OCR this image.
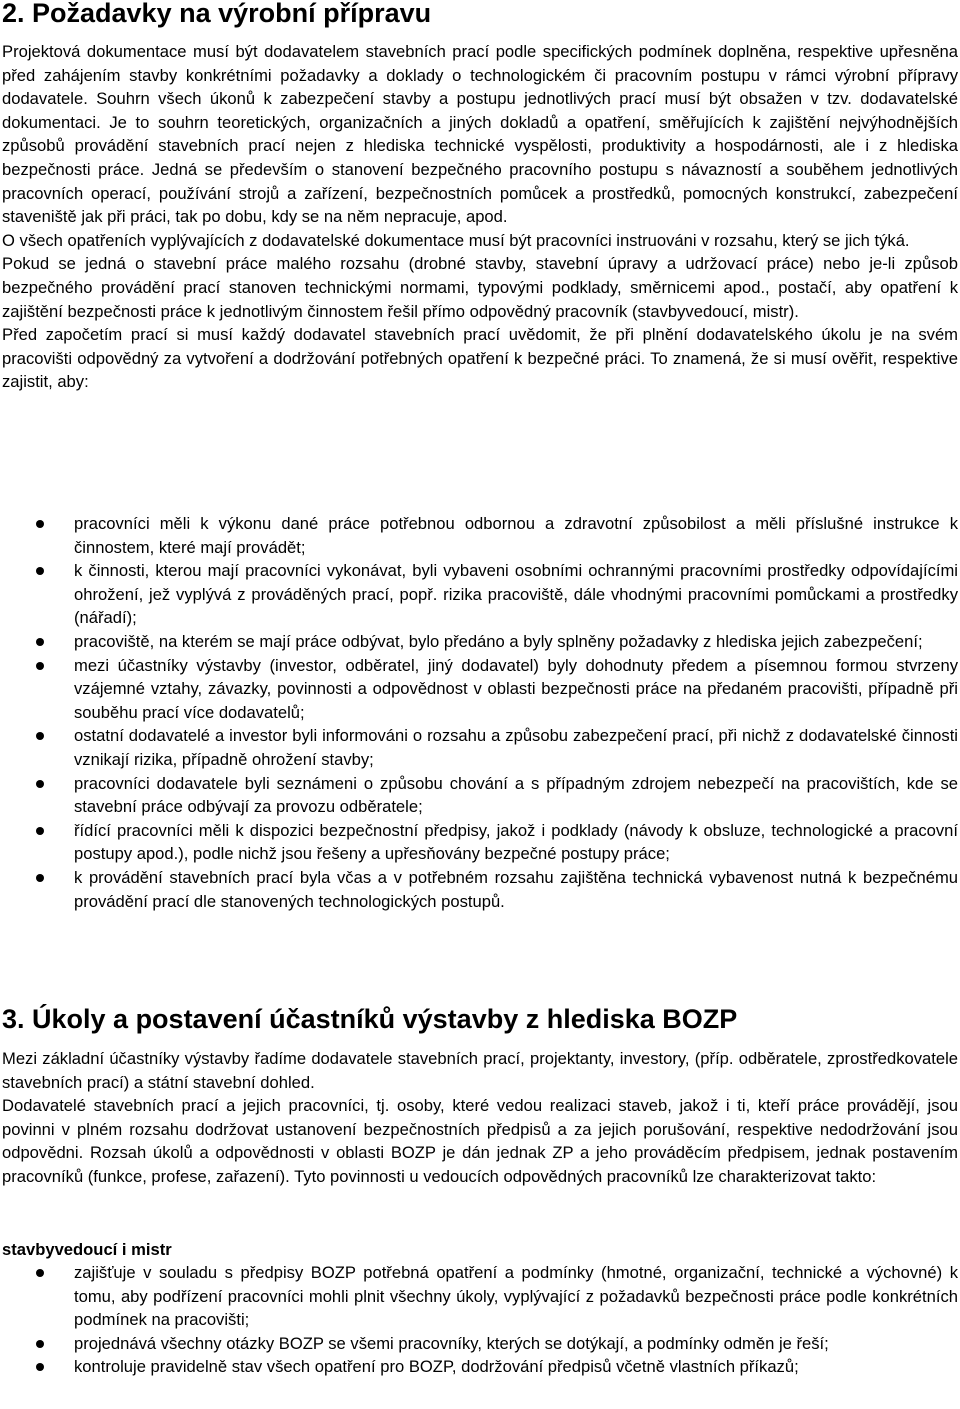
2. Požadavky na výrobní přípravu

Projektová dokumentace musí být dodavatelem stavebních prací podle specifických podmínek doplněna, respektive upřesněna před zahájením stavby konkrétními požadavky a doklady o technologickém či pracovním postupu v rámci výrobní přípravy dodavatele. Souhrn všech úkonů k zabezpečení stavby a postupu jednotlivých prací musí být obsažen v tzv. dodavatelské dokumentaci. Je to souhrn teoretických, organizačních a jiných dokladů a opatření, směřujících k zajištění nejvýhodnějších způsobů provádění stavebních prací nejen z hlediska technické vyspělosti, produktivity a hospodárnosti, ale i z hlediska bezpečnosti práce. Jedná se především o stanovení bezpečného pracovního postupu s návazností a souběhem jednotlivých pracovních operací, používání strojů a zařízení, bezpečnostních pomůcek a prostředků, pomocných konstrukcí, zabezpečení staveniště jak při práci, tak po dobu, kdy se na něm nepracuje, apod.

O všech opatřeních vyplývajících z dodavatelské dokumentace musí být pracovníci instruováni v rozsahu, který se jich týká.

Pokud se jedná o stavební práce malého rozsahu (drobné stavby, stavební úpravy a udržovací práce) nebo je-li způsob bezpečného provádění prací stanoven technickými normami, typovými podklady, směrnicemi apod., postačí, aby opatření k zajištění bezpečnosti práce k jednotlivým činnostem řešil přímo odpovědný pracovník (stavbyvedoucí, mistr).

Před započetím prací si musí každý dodavatel stavebních prací uvědomit, že při plnění dodavatelského úkolu je na svém pracovišti odpovědný za vytvoření a dodržování potřebných opatření k bezpečné práci. To znamená, že si musí ověřit, respektive zajistit, aby:

pracovníci měli k výkonu dané práce potřebnou odbornou a zdravotní způsobilost a měli příslušné instrukce k činnostem, které mají provádět;
k činnosti, kterou mají pracovníci vykonávat, byli vybaveni osobními ochrannými pracovními prostředky odpovídajícími ohrožení, jež vyplývá z prováděných prací, popř. rizika pracoviště, dále vhodnými pracovními pomůckami a prostředky (nářadí);
pracoviště, na kterém se mají práce odbývat, bylo předáno a byly splněny požadavky z hlediska jejich zabezpečení;
mezi účastníky výstavby (investor, odběratel, jiný dodavatel) byly dohodnuty předem a písemnou formou stvrzeny vzájemné vztahy, závazky, povinnosti a odpovědnost v oblasti bezpečnosti práce na předaném pracovišti, případně při souběhu prací více dodavatelů;
ostatní dodavatelé a investor byli informováni o rozsahu a způsobu zabezpečení prací, při nichž z dodavatelské činnosti vznikají rizika, případně ohrožení stavby;
pracovníci dodavatele byli seznámeni o způsobu chování a s případným zdrojem nebezpečí na pracovištích, kde se stavební práce odbývají za provozu odběratele;
řídící pracovníci měli k dispozici bezpečnostní předpisy, jakož i podklady (návody k obsluze, technologické a pracovní postupy apod.), podle nichž jsou řešeny a upřesňovány bezpečné postupy práce;
k provádění stavebních prací byla včas a v potřebném rozsahu zajištěna technická vybavenost nutná k bezpečnému provádění prací dle stanovených technologických postupů.
3. Úkoly a postavení účastníků výstavby z hlediska BOZP

Mezi základní účastníky výstavby řadíme dodavatele stavebních prací, projektanty, investory, (příp. odběratele, zprostředkovatele stavebních prací) a státní stavební dohled.

Dodavatelé stavebních prací a jejich pracovníci, tj. osoby, které vedou realizaci staveb, jakož i ti, kteří práce provádějí, jsou povinni v plném rozsahu dodržovat ustanovení bezpečnostních předpisů a za jejich porušování, respektive nedodržování jsou odpovědni. Rozsah úkolů a odpovědnosti v oblasti BOZP je dán jednak ZP a jeho prováděcím předpisem, jednak postavením pracovníků (funkce, profese, zařazení). Tyto povinnosti u vedoucích odpovědných pracovníků lze charakterizovat takto:

stavbyvedoucí i mistr
zajišťuje v souladu s předpisy BOZP potřebná opatření a podmínky (hmotné, organizační, technické a výchovné) k tomu, aby podřízení pracovníci mohli plnit všechny úkoly, vyplývající z požadavků bezpečnosti práce podle konkrétních podmínek na pracovišti;
projednává všechny otázky BOZP se všemi pracovníky, kterých se dotýkají, a podmínky odměn je řeší;
kontroluje pravidelně stav všech opatření pro BOZP, dodržování předpisů včetně vlastních příkazů;
